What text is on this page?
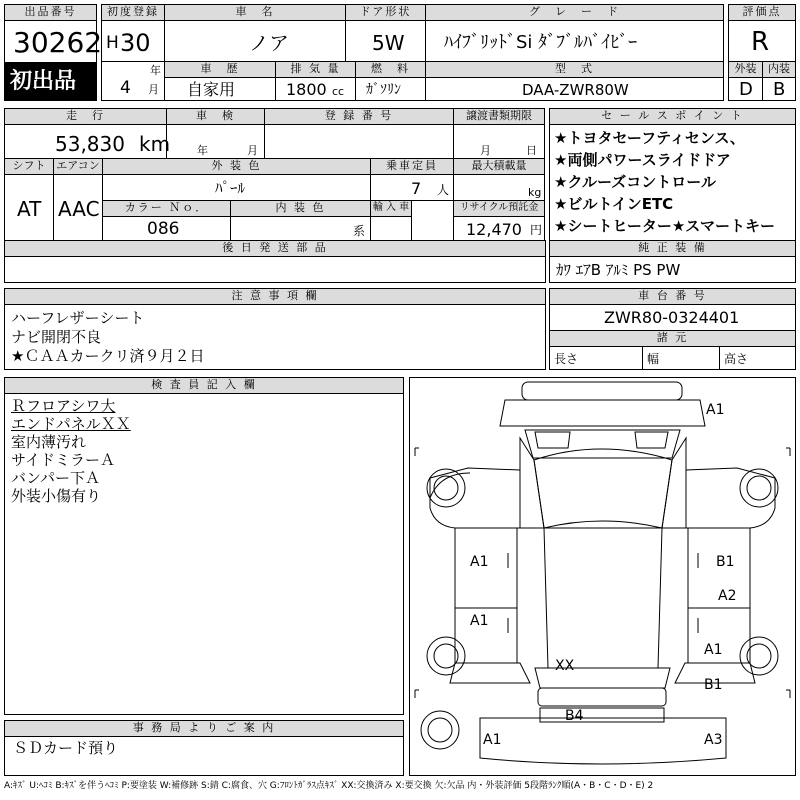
出品番号
30262
初出品
初度登録
H 30
年
4 月
車　名
ノア
ドア形状
5W
グ　レ　ー　ド
ﾊｲﾌﾞﾘｯﾄﾞSi ﾀﾞﾌﾞﾙﾊﾞｲﾋﾞｰ
評価点
R
車　歴
自家用
排 気 量
1800 cc
燃　料
ｶﾞｿﾘﾝ
型　式
DAA-ZWR80W
外装	内装
D B
走　行
53,830 km
車　検
年	月
登 録 番 号	譲渡書類期限
月	日
セ ー ル ス ポ イ ン ト
★トヨタセーフティセンス、
★両側パワースライドドア
★クルーズコントロール
★ビルトインETC
★シートヒーター★スマートキー
シフト
AT
エアコン
AAC
外 装 色
ﾊﾟｰﾙ
カラー Ｎｏ．
086
内 装 色
系
乗車定員
7 人
輸 入 車
最大積載量
kg
リサイクル預託金
12,470 円
後 日 発 送 部 品	純 正 装 備
ｶﾜ ｴｱB ｱﾙﾐ PS PW
注 意 事 項 欄
ハーフレザーシート
ナビ開閉不良
★ＣＡＡカークリ済９月２日
車 台 番 号
ZWR80-0324401
諸 元
長さ	幅	高さ
検 査 員 記 入 欄
Ｒフロアシワ大
エンドパネルＸＸ
室内薄汚れ
サイドミラーＡ
バンパー下Ａ
外装小傷有り
事 務 局 よ り ご 案 内
ＳＤカード預り
A1
A1
A1
B1
A2
A1
XX
B1
B4
A1	A3
A:ｷｽﾞ U:ﾍｺﾐ B:ｷｽﾞを伴うﾍｺﾐ P:要塗装 W:補修跡 S:錆 C:腐食、穴 G:ﾌﾛﾝﾄｶﾞﾗｽ点ｷｽﾞ XX:交換済み X:要交換 欠:欠品 内・外装評価 5段階ﾗﾝｸ順(A・B・C・D・E) 2
